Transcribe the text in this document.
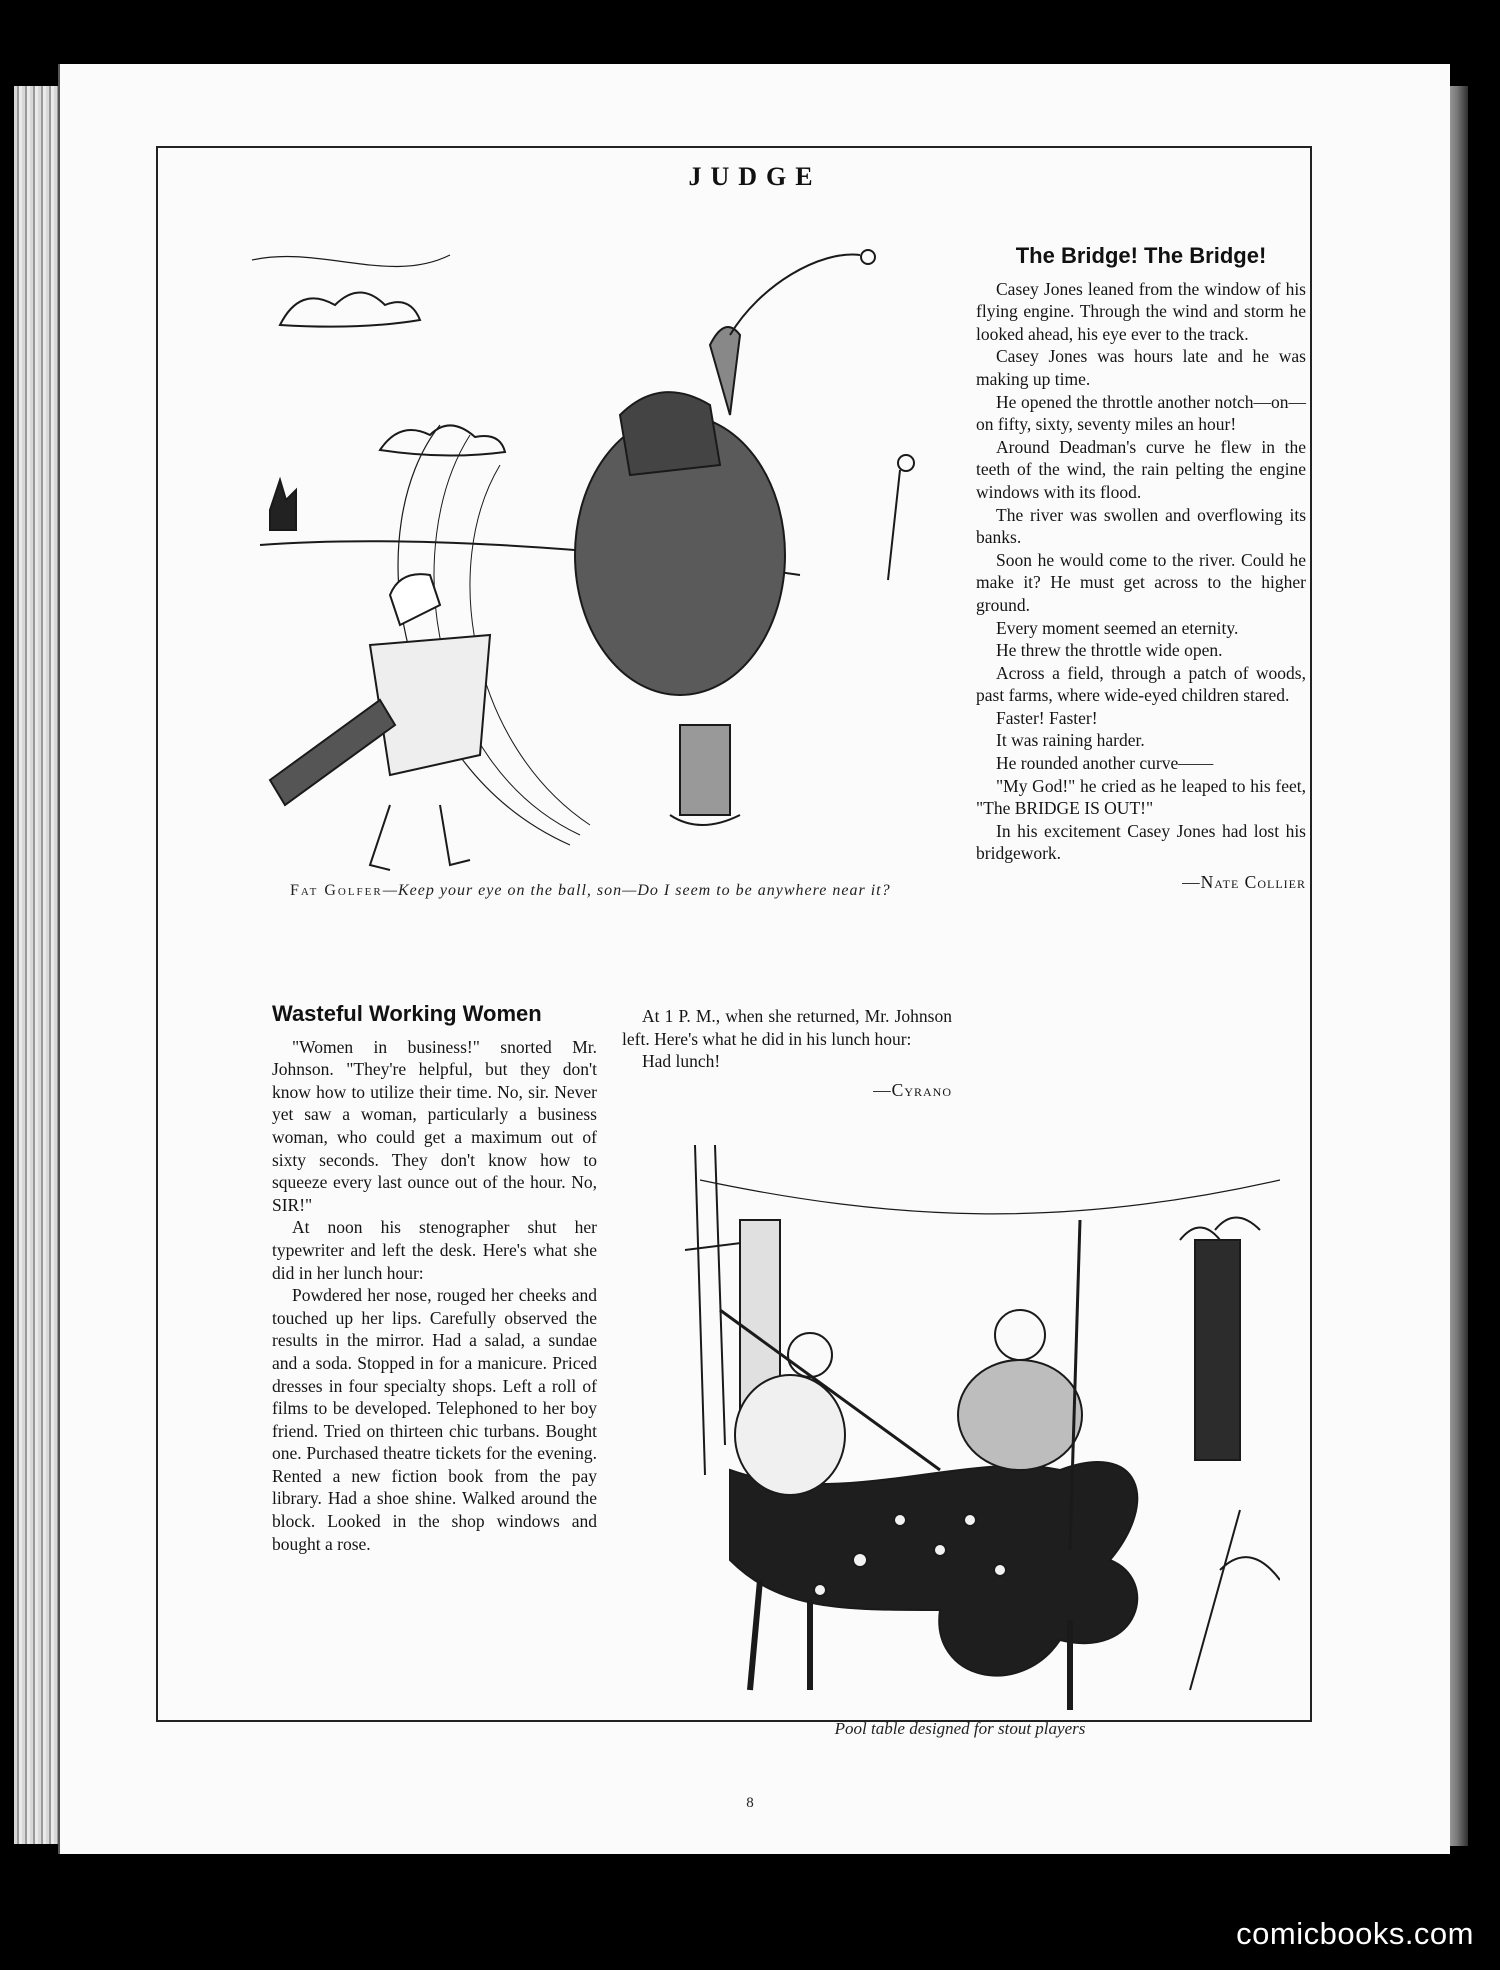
JUDGE
Fat Golfer—Keep your eye on the ball, son—Do I seem to be anywhere near it?
The Bridge! The Bridge!

Casey Jones leaned from the window of his flying engine. Through the wind and storm he looked ahead, his eye ever to the track.

Casey Jones was hours late and he was making up time.

He opened the throttle another notch—on—on fifty, sixty, seventy miles an hour!

Around Deadman's curve he flew in the teeth of the wind, the rain pelting the engine windows with its flood.

The river was swollen and overflowing its banks.

Soon he would come to the river. Could he make it? He must get across to the higher ground.

Every moment seemed an eternity.

He threw the throttle wide open.

Across a field, through a patch of woods, past farms, where wide-eyed children stared.

Faster! Faster!

It was raining harder.

He rounded another curve——

"My God!" he cried as he leaped to his feet, "The BRIDGE IS OUT!"

In his excitement Casey Jones had lost his bridgework.

—Nate Collier
Wasteful Working Women

"Women in business!" snorted Mr. Johnson. "They're helpful, but they don't know how to utilize their time. No, sir. Never yet saw a woman, particularly a business woman, who could get a maximum out of sixty seconds. They don't know how to squeeze every last ounce out of the hour. No, SIR!"

At noon his stenographer shut her typewriter and left the desk. Here's what she did in her lunch hour:

Powdered her nose, rouged her cheeks and touched up her lips. Carefully observed the results in the mirror. Had a salad, a sundae and a soda. Stopped in for a manicure. Priced dresses in four specialty shops. Left a roll of films to be developed. Telephoned to her boy friend. Tried on thirteen chic turbans. Bought one. Purchased theatre tickets for the evening. Rented a new fiction book from the pay library. Had a shoe shine. Walked around the block. Looked in the shop windows and bought a rose.

At 1 P. M., when she returned, Mr. Johnson left. Here's what he did in his lunch hour:

Had lunch!

—Cyrano
Pool table designed for stout players
8
comicbooks.com
